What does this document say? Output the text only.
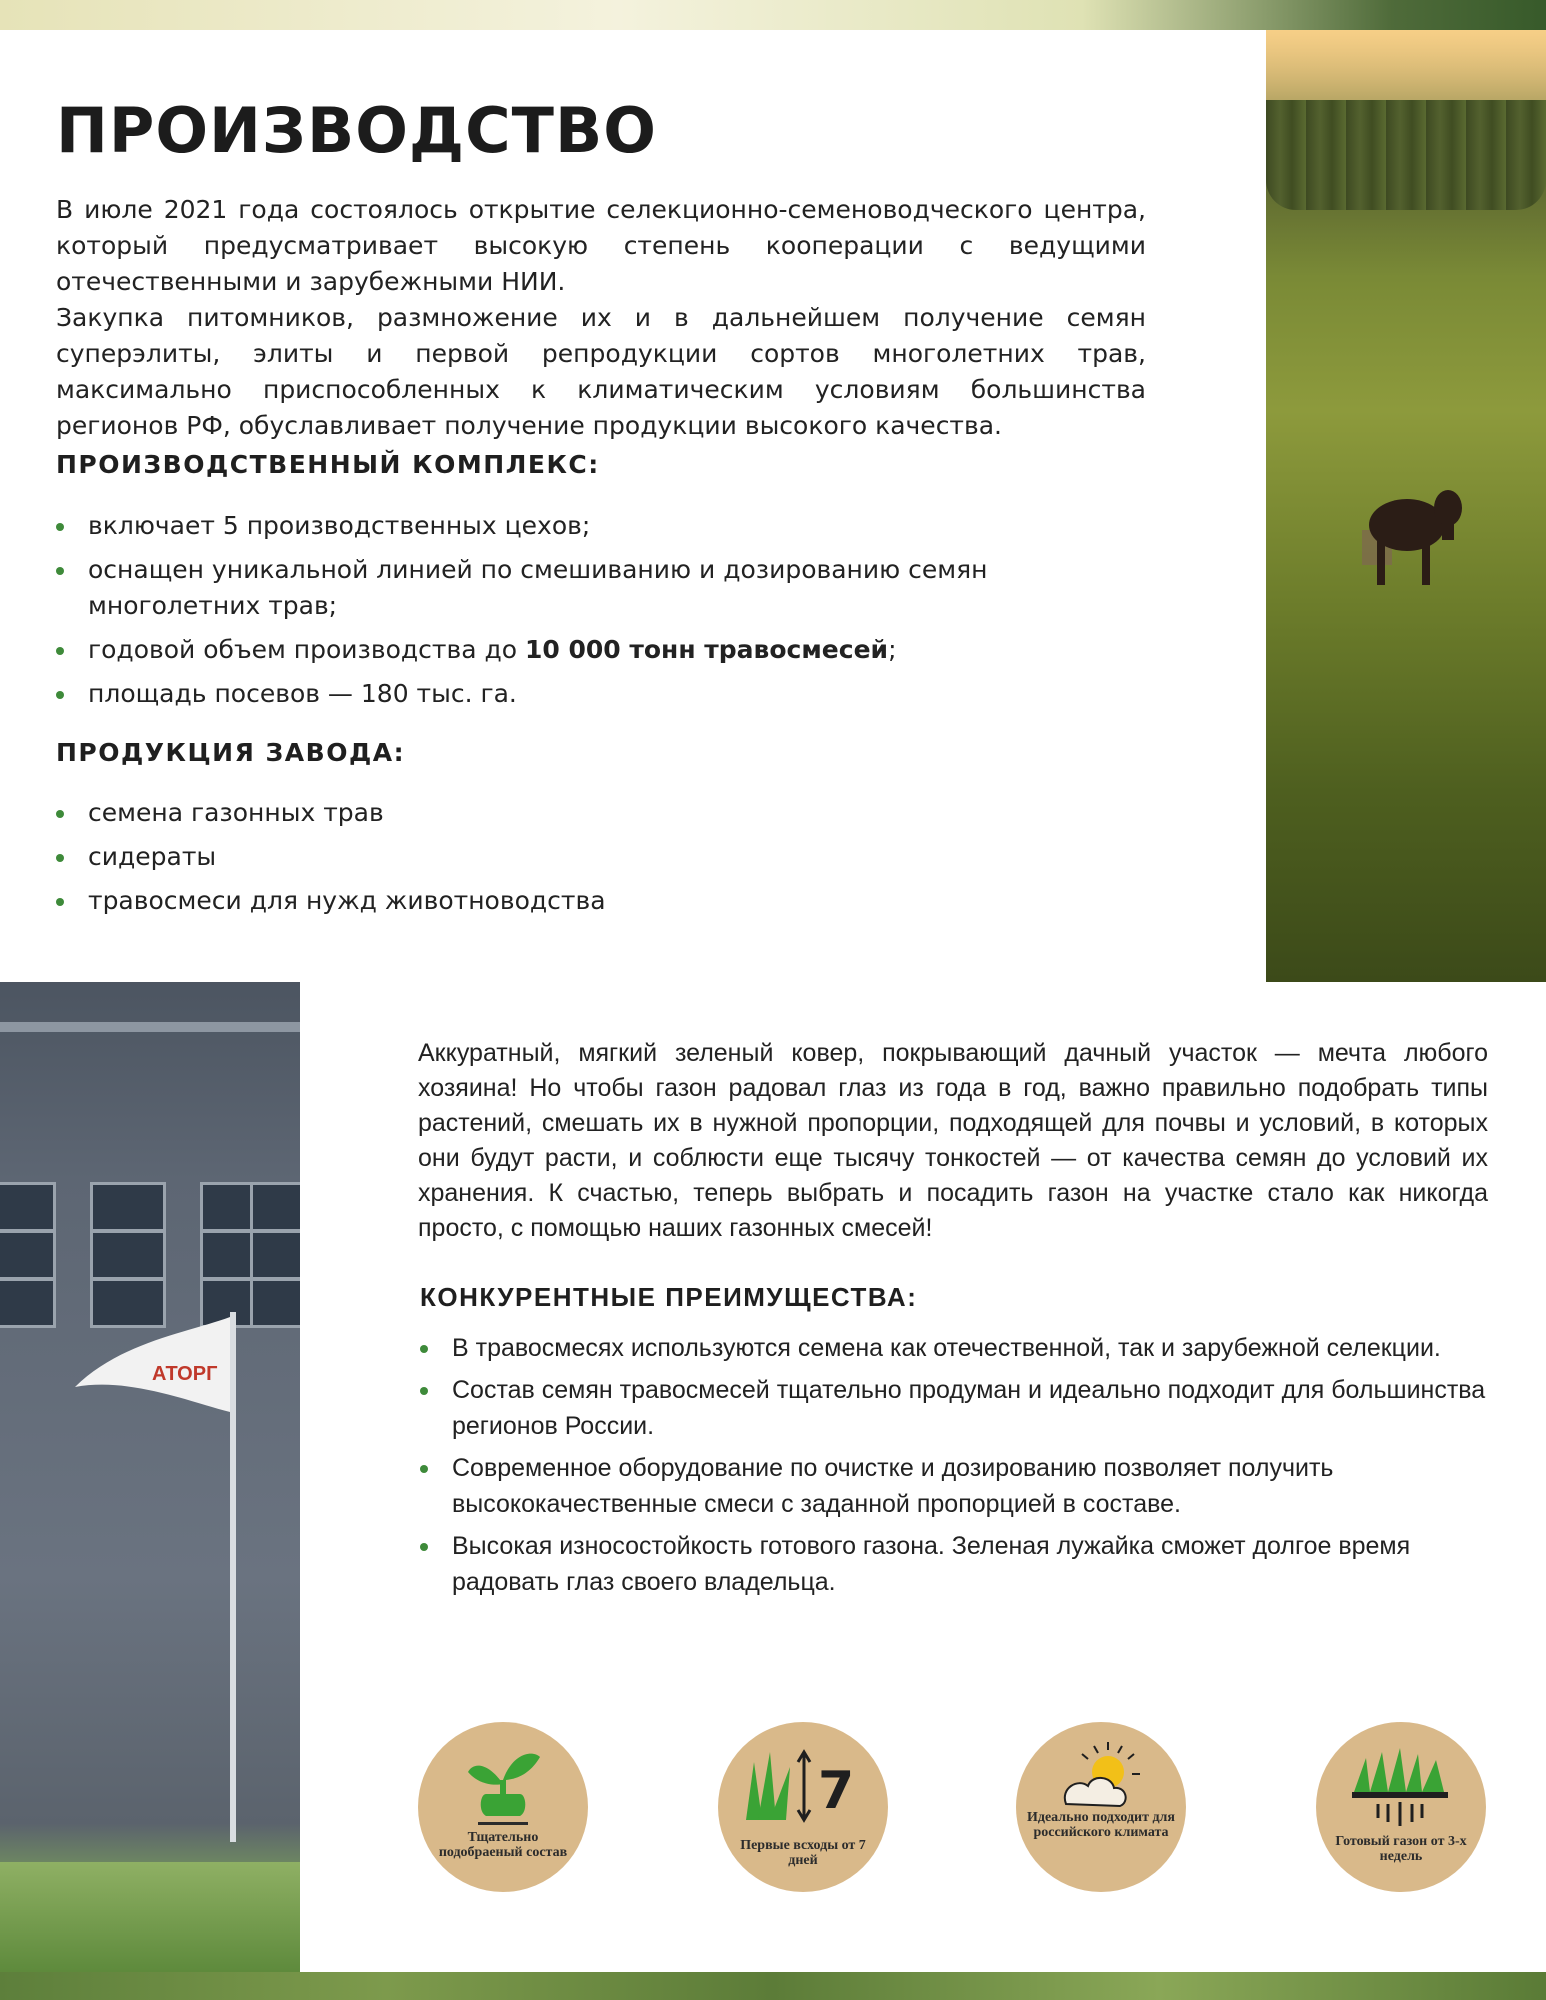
ПРОИЗВОДСТВО

В июле 2021 года состоялось открытие селекционно-семеноводческого центра, который предусматривает высокую степень кооперации с ведущими отечественными и зарубежными НИИ.

Закупка питомников, размножение их и в дальнейшем получение семян суперэлиты, элиты и первой репродукции сортов многолетних трав, максимально приспособленных к климатическим условиям большинства регионов РФ, обуславливает получение продукции высокого качества.

ПРОИЗВОДСТВЕННЫЙ КОМПЛЕКС:
включает 5 производственных цехов;
оснащен уникальной линией по смешиванию и дозированию семян многолетних трав;
годовой объем производства до 10 000 тонн травосмесей;
площадь посевов — 180 тыс. га.
ПРОДУКЦИЯ ЗАВОДА:
семена газонных трав
сидераты
травосмеси для нужд животноводства
АТОРГ

Аккуратный, мягкий зеленый ковер, покрывающий дачный участок — мечта любого хозяина! Но чтобы газон радовал глаз из года в год, важно правильно подобрать типы растений, смешать их в нужной пропорции, подходящей для почвы и условий, в которых они будут расти, и соблюсти еще тысячу тонкостей — от качества семян до условий их хранения. К счастью, теперь выбрать и посадить газон на участке стало как никогда просто, с помощью наших газонных смесей!

КОНКУРЕНТНЫЕ ПРЕИМУЩЕСТВА:
В травосмесях используются семена как отечественной, так и зарубежной селекции.
Состав семян травосмесей тщательно продуман и идеально подходит для большинства регионов России.
Современное оборудование по очистке и дозированию позволяет получить высококачественные смеси с заданной пропорцией в составе.
Высокая износостойкость готового газона. Зеленая лужайка сможет долгое время радовать глаз своего владельца.
Тщательно подобраеный состав
7
Первые всходы от 7 дней
Идеально подходит для российского климата
Готовый газон от 3-х недель
